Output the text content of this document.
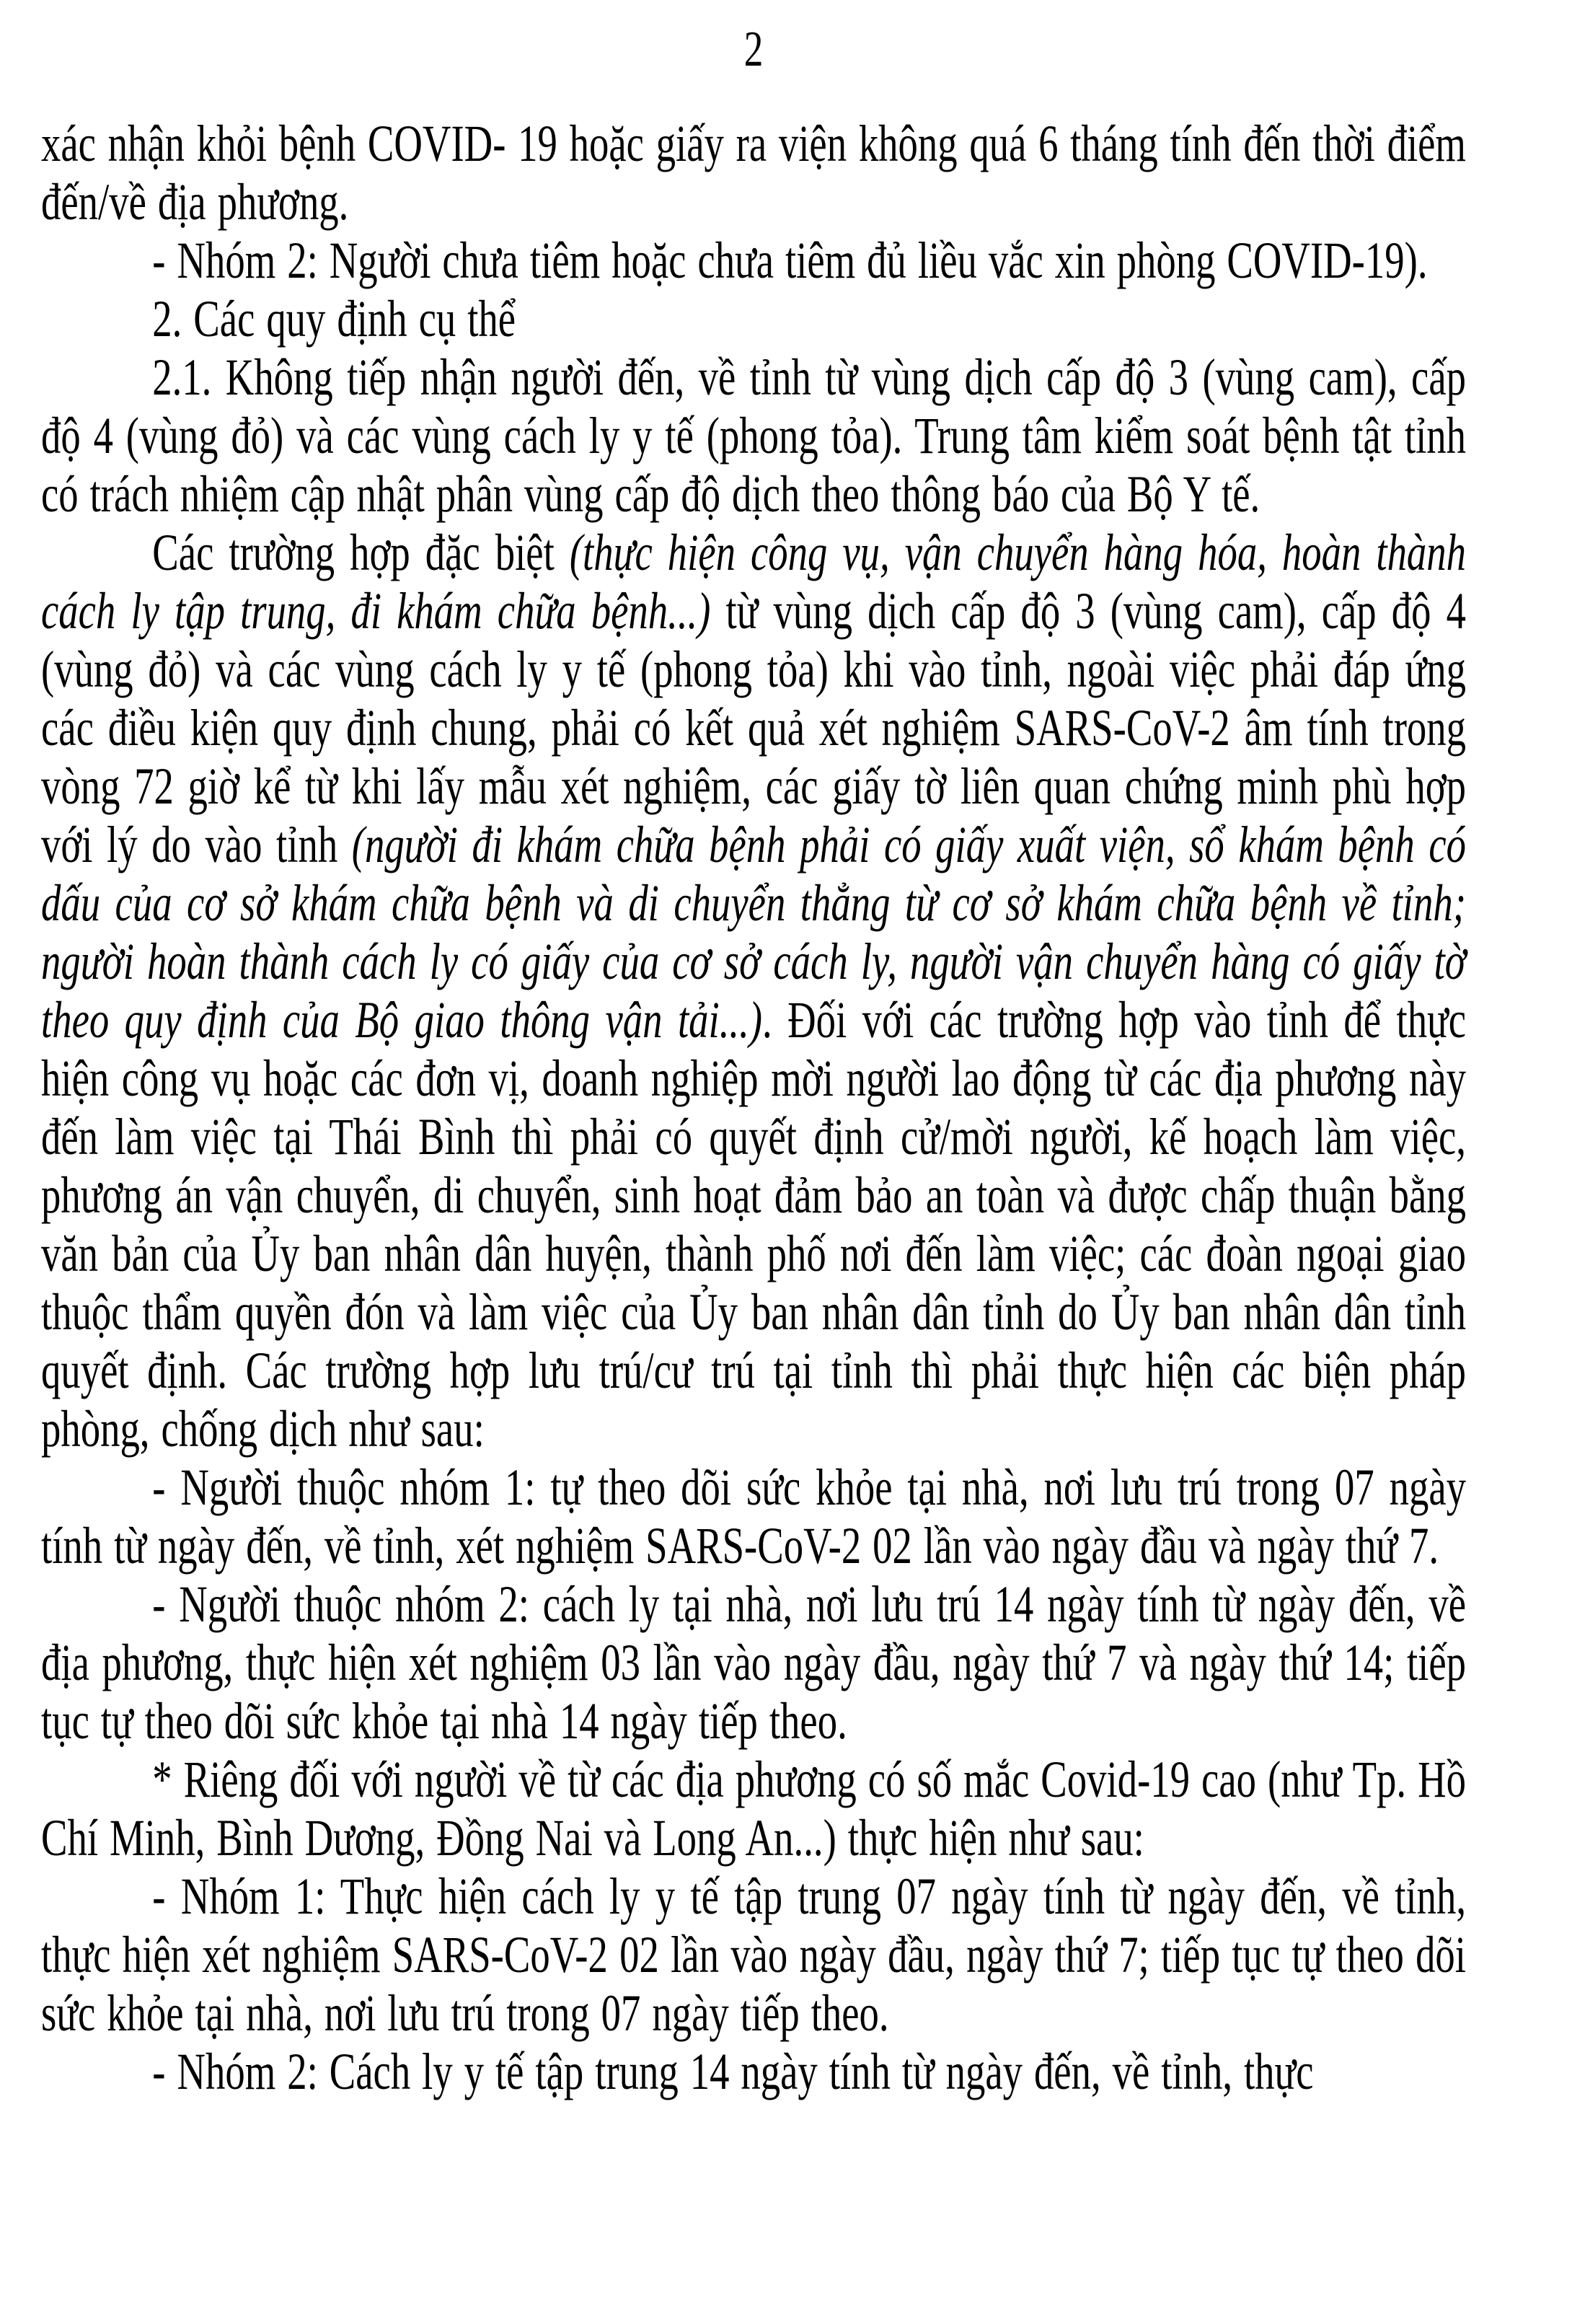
2

xác nhận khỏi bệnh COVID- 19 hoặc giấy ra viện không quá 6 tháng tính đến thời điểm đến/về địa phương.

- Nhóm 2: Người chưa tiêm hoặc chưa tiêm đủ liều vắc xin phòng COVID-19).

2. Các quy định cụ thể

2.1. Không tiếp nhận người đến, về tỉnh từ vùng dịch cấp độ 3 (vùng cam), cấp độ 4 (vùng đỏ) và các vùng cách ly y tế (phong tỏa). Trung tâm kiểm soát bệnh tật tỉnh có trách nhiệm cập nhật phân vùng cấp độ dịch theo thông báo của Bộ Y tế.

Các trường hợp đặc biệt (thực hiện công vụ, vận chuyển hàng hóa, hoàn thành cách ly tập trung, đi khám chữa bệnh...) từ vùng dịch cấp độ 3 (vùng cam), cấp độ 4 (vùng đỏ) và các vùng cách ly y tế (phong tỏa) khi vào tỉnh, ngoài việc phải đáp ứng các điều kiện quy định chung, phải có kết quả xét nghiệm SARS-CoV-2 âm tính trong vòng 72 giờ kể từ khi lấy mẫu xét nghiệm, các giấy tờ liên quan chứng minh phù hợp với lý do vào tỉnh (người đi khám chữa bệnh phải có giấy xuất viện, sổ khám bệnh có dấu của cơ sở khám chữa bệnh và di chuyển thẳng từ cơ sở khám chữa bệnh về tỉnh; người hoàn thành cách ly có giấy của cơ sở cách ly, người vận chuyển hàng có giấy tờ theo quy định của Bộ giao thông vận tải...). Đối với các trường hợp vào tỉnh để thực hiện công vụ hoặc các đơn vị, doanh nghiệp mời người lao động từ các địa phương này đến làm việc tại Thái Bình thì phải có quyết định cử/mời người, kế hoạch làm việc, phương án vận chuyển, di chuyển, sinh hoạt đảm bảo an toàn và được chấp thuận bằng văn bản của Ủy ban nhân dân huyện, thành phố nơi đến làm việc; các đoàn ngoại giao thuộc thẩm quyền đón và làm việc của Ủy ban nhân dân tỉnh do Ủy ban nhân dân tỉnh quyết định. Các trường hợp lưu trú/cư trú tại tỉnh thì phải thực hiện các biện pháp phòng, chống dịch như sau:

- Người thuộc nhóm 1: tự theo dõi sức khỏe tại nhà, nơi lưu trú trong 07 ngày tính từ ngày đến, về tỉnh, xét nghiệm SARS-CoV-2 02 lần vào ngày đầu và ngày thứ 7.

- Người thuộc nhóm 2: cách ly tại nhà, nơi lưu trú 14 ngày tính từ ngày đến, về địa phương, thực hiện xét nghiệm 03 lần vào ngày đầu, ngày thứ 7 và ngày thứ 14; tiếp tục tự theo dõi sức khỏe tại nhà 14 ngày tiếp theo.

* Riêng đối với người về từ các địa phương có số mắc Covid-19 cao (như Tp. Hồ Chí Minh, Bình Dương, Đồng Nai và Long An...) thực hiện như sau:

- Nhóm 1: Thực hiện cách ly y tế tập trung 07 ngày tính từ ngày đến, về tỉnh, thực hiện xét nghiệm SARS-CoV-2 02 lần vào ngày đầu, ngày thứ 7; tiếp tục tự theo dõi sức khỏe tại nhà, nơi lưu trú trong 07 ngày tiếp theo.

- Nhóm 2: Cách ly y tế tập trung 14 ngày tính từ ngày đến, về tỉnh, thực
